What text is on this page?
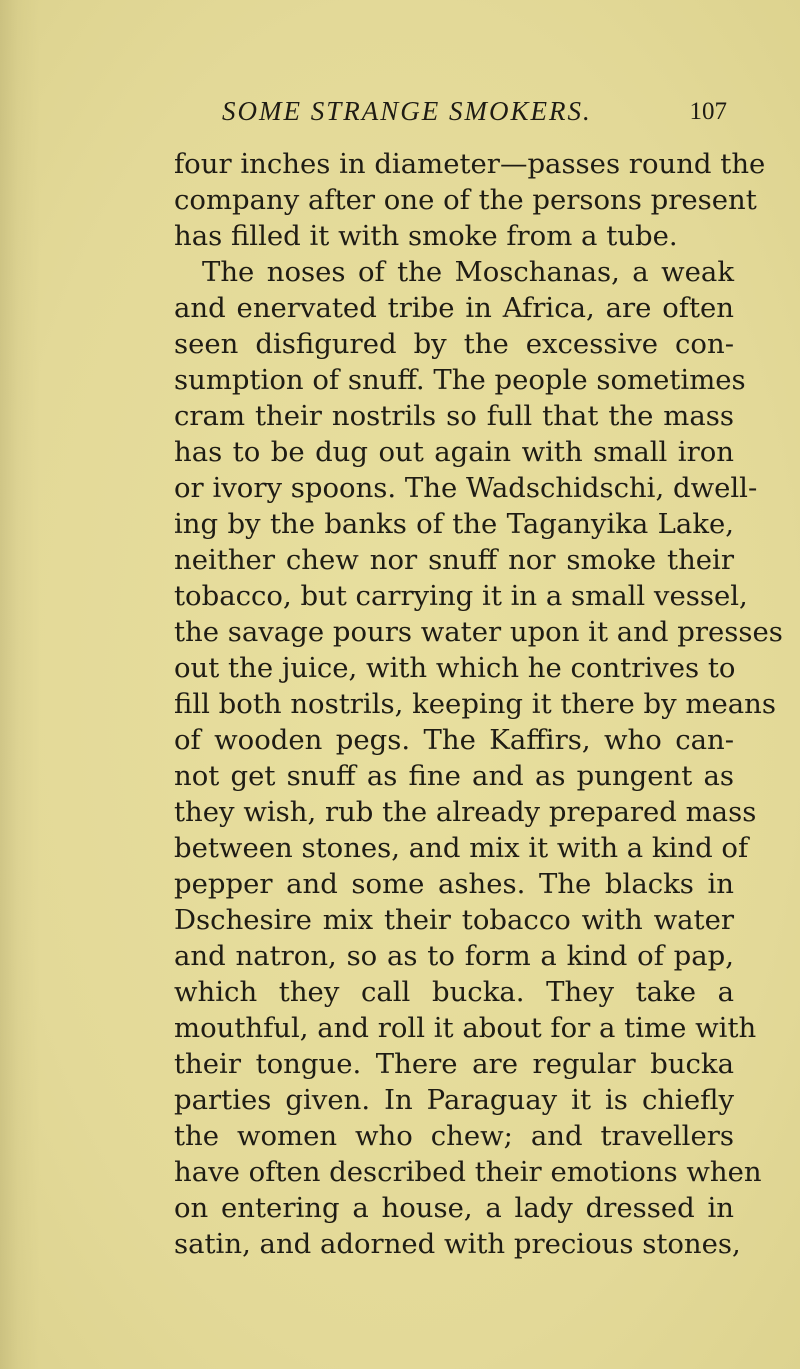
SOME STRANGE SMOKERS.	107
four inches in diameter—passes round the
company after one of the persons present
has filled it with smoke from a tube.
The noses of the Moschanas, a weak
and enervated tribe in Africa, are often
seen disfigured by the excessive con-
sumption of snuff. The people sometimes
cram their nostrils so full that the mass
has to be dug out again with small iron
or ivory spoons. The Wadschidschi, dwell-
ing by the banks of the Taganyika Lake,
neither chew nor snuff nor smoke their
tobacco, but carrying it in a small vessel,
the savage pours water upon it and presses
out the juice, with which he contrives to
fill both nostrils, keeping it there by means
of wooden pegs. The Kaffirs, who can-
not get snuff as fine and as pungent as
they wish, rub the already prepared mass
between stones, and mix it with a kind of
pepper and some ashes. The blacks in
Dschesire mix their tobacco with water
and natron, so as to form a kind of pap,
which they call bucka. They take a
mouthful, and roll it about for a time with
their tongue. There are regular bucka
parties given. In Paraguay it is chiefly
the women who chew; and travellers
have often described their emotions when
on entering a house, a lady dressed in
satin, and adorned with precious stones,
